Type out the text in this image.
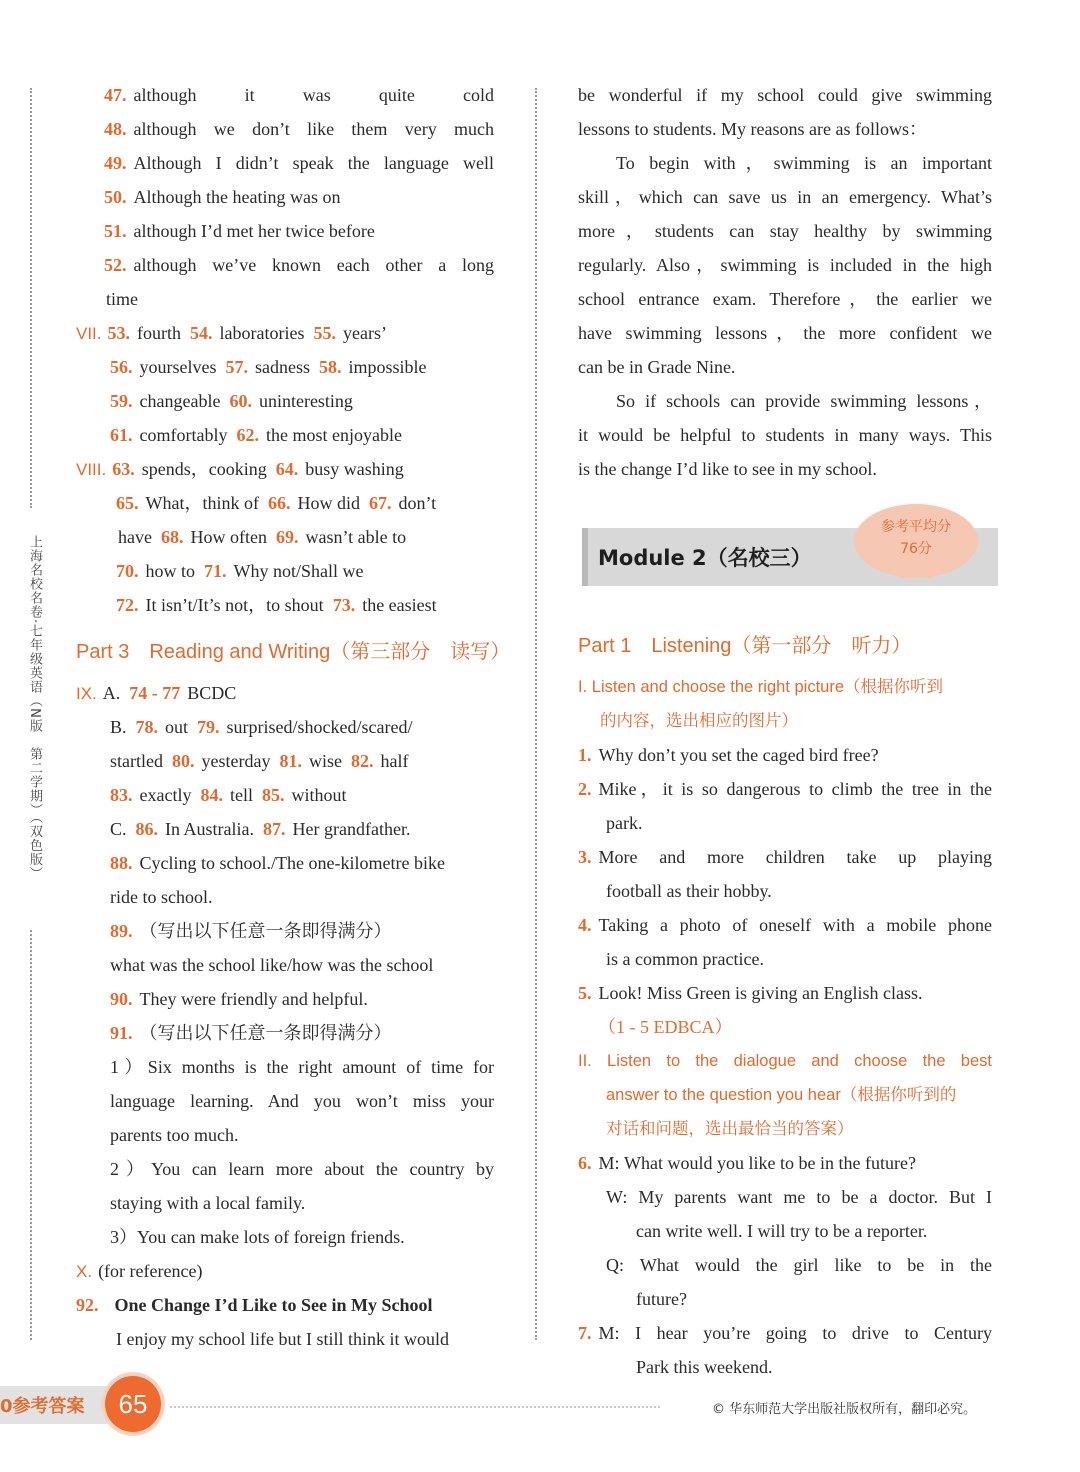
上海名校名卷·七年级英语（N版　第二学期）（双色版）
47. although it was quite cold
48. although we don’t like them very much
49. Although I didn’t speak the language well
50. Although the heating was on
51. although I’d met her twice before
52. although we’ve known each other a long
time
VII. 53. fourth 54. laboratories 55. years’
56. yourselves 57. sadness 58. impossible
59. changeable 60. uninteresting
61. comfortably 62. the most enjoyable
VIII. 63. spends，cooking 64. busy washing
65. What，think of 66. How did 67. don’t
have 68. How often 69. wasn’t able to
70. how to 71. Why not/Shall we
72. It isn’t/It’s not，to shout 73. the easiest
Part 3　Reading and Writing（第三部分　读写）
IX. A. 74 - 77 BCDC
B. 78. out 79. surprised/shocked/scared/
startled 80. yesterday 81. wise 82. half
83. exactly 84. tell 85. without
C. 86. In Australia. 87. Her grandfather.
88. Cycling to school./The one-kilometre bike
ride to school.
89. （写出以下任意一条即得满分）
what was the school like/how was the school
90. They were friendly and helpful.
91. （写出以下任意一条即得满分）
1）Six months is the right amount of time for
language learning. And you won’t miss your
parents too much.
2）You can learn more about the country by
staying with a local family.
3）You can make lots of foreign friends.
X. (for reference)
92. One Change I’d Like to See in My School
I enjoy my school life but I still think it would
be wonderful if my school could give swimming
lessons to students. My reasons are as follows：
To begin with，swimming is an important
skill，which can save us in an emergency. What’s
more，students can stay healthy by swimming
regularly. Also，swimming is included in the high
school entrance exam. Therefore，the earlier we
have swimming lessons，the more confident we
can be in Grade Nine.
So if schools can provide swimming lessons，
it would be helpful to students in many ways. This
is the change I’d like to see in my school.
Module 2（名校三）
参考平均分
76分
Part 1　Listening（第一部分　听力）
I. Listen and choose the right picture（根据你听到
的内容，选出相应的图片）
1. Why don’t you set the caged bird free?
2. Mike，it is so dangerous to climb the tree in the
park.
3. More and more children take up playing
football as their hobby.
4. Taking a photo of oneself with a mobile phone
is a common practice.
5. Look! Miss Green is giving an English class.
（1 - 5 EDBCA）
II. Listen to the dialogue and choose the best
answer to the question you hear（根据你听到的
对话和问题，选出最恰当的答案）
6. M: What would you like to be in the future?
W: My parents want me to be a doctor. But I
can write well. I will try to be a reporter.
Q: What would the girl like to be in the
future?
7. M: I hear you’re going to drive to Century
Park this weekend.
0参考答案	65	© 华东师范大学出版社版权所有，翻印必究。
